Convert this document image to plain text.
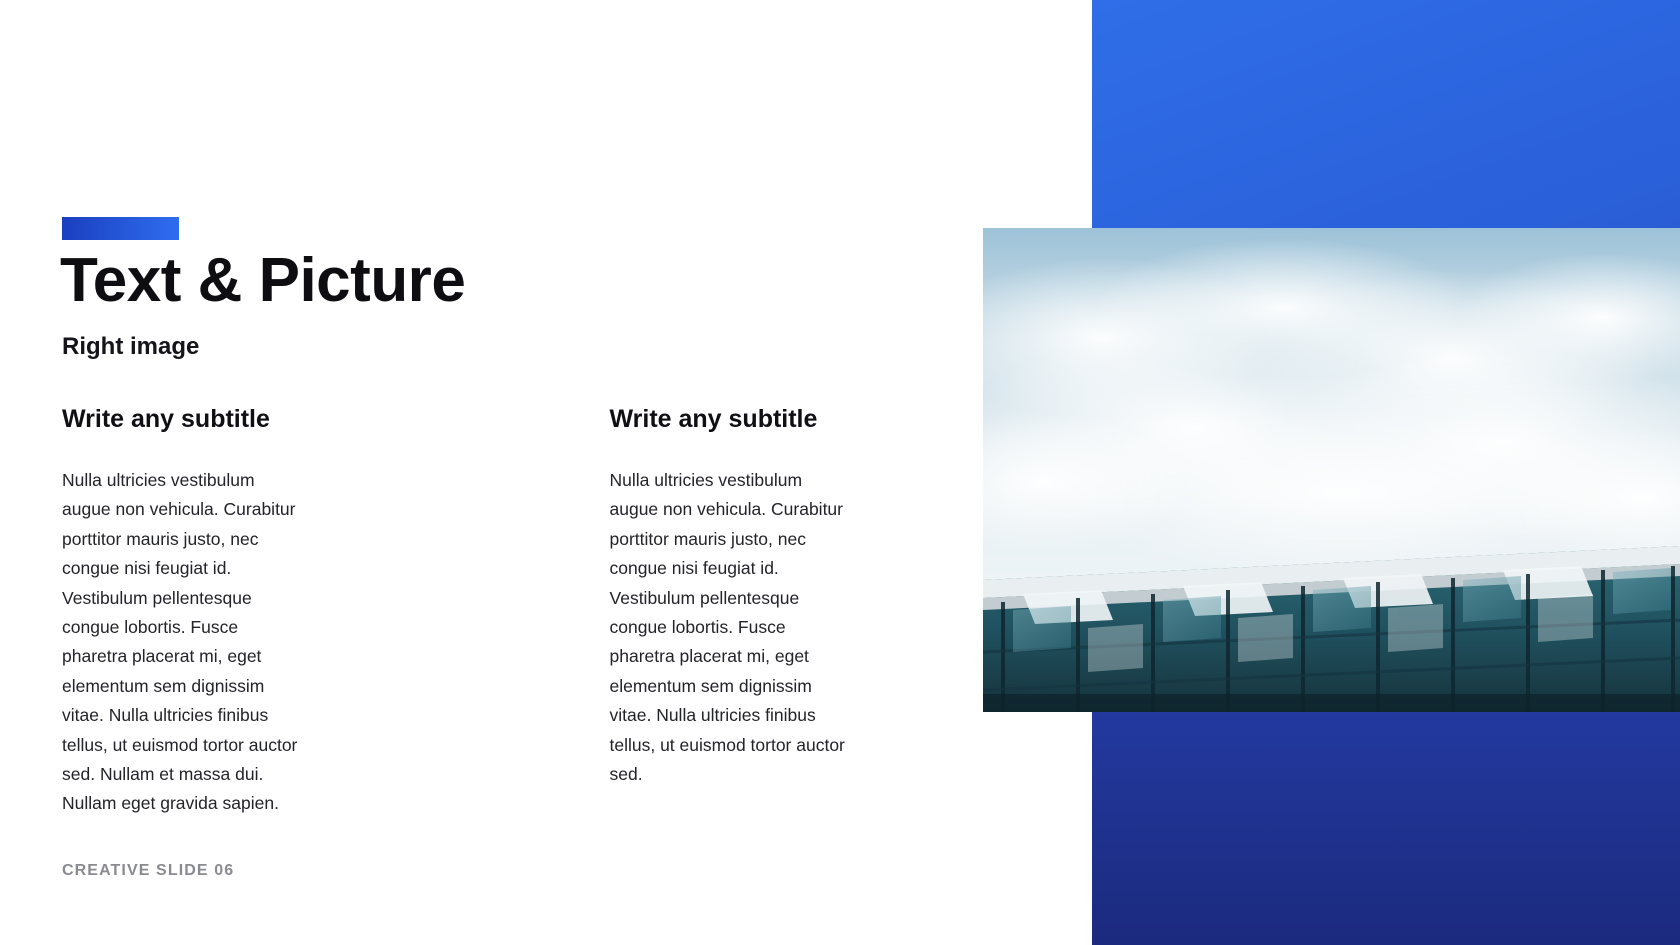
Text & Picture
Right image
Write any subtitle

Nulla ultricies vestibulum augue non vehicula. Curabitur porttitor mauris justo, nec congue nisi feugiat id. Vestibulum pellentesque congue lobortis. Fusce pharetra placerat mi, eget elementum sem dignissim vitae. Nulla ultricies finibus tellus, ut euismod tortor auctor sed. Nullam et massa dui. Nullam eget gravida sapien.

Write any subtitle

Nulla ultricies vestibulum augue non vehicula. Curabitur porttitor mauris justo, nec congue nisi feugiat id. Vestibulum pellentesque congue lobortis. Fusce pharetra placerat mi, eget elementum sem dignissim vitae. Nulla ultricies finibus tellus, ut euismod tortor auctor sed.

CREATIVE SLIDE 06
